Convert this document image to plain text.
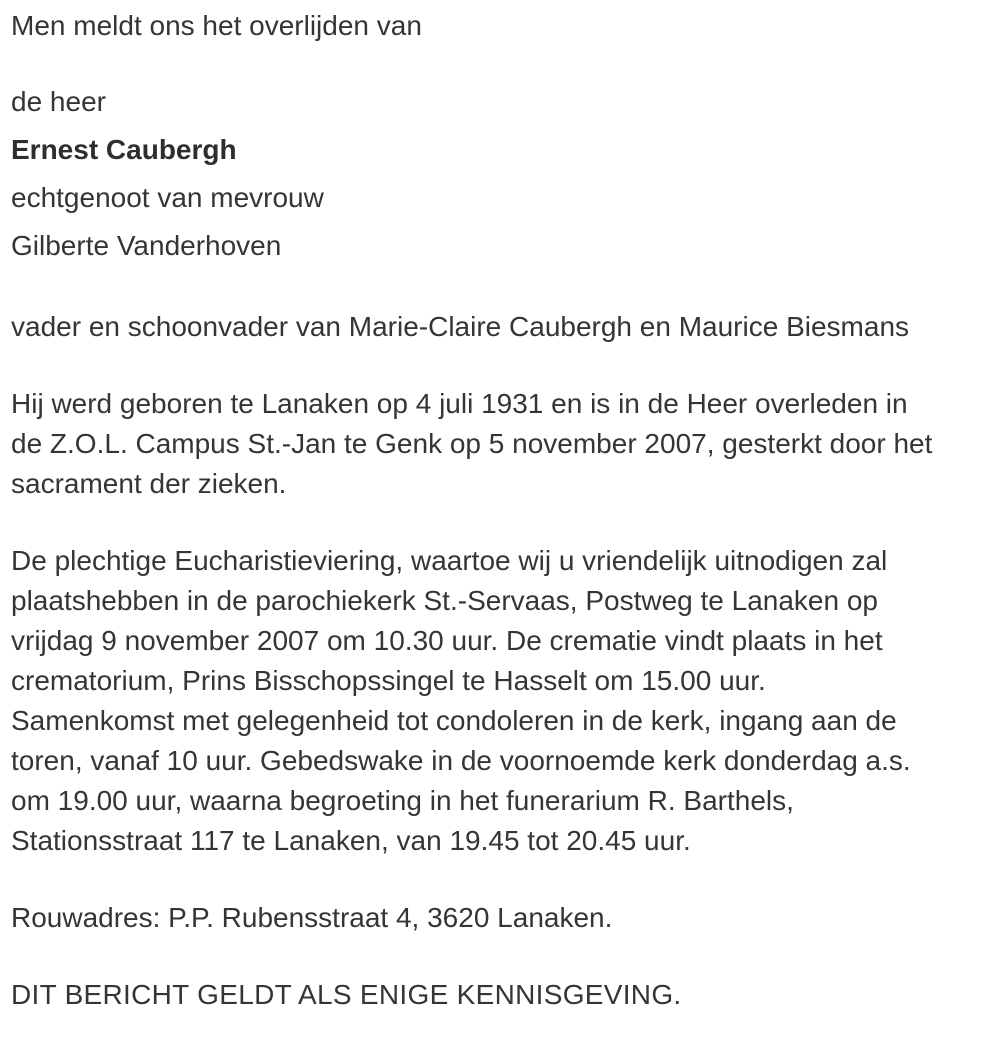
Men meldt ons het overlijden van
de heer
Ernest Caubergh
echtgenoot van mevrouw
Gilberte Vanderhoven
vader en schoonvader van Marie-Claire Caubergh en Maurice Biesmans
Hij werd geboren te Lanaken op 4 juli 1931 en is in de Heer overleden in
de Z.O.L. Campus St.-Jan te Genk op 5 november 2007, gesterkt door het
sacrament der zieken.
De plechtige Eucharistieviering, waartoe wij u vriendelijk uitnodigen zal
plaatshebben in de parochiekerk St.-Servaas, Postweg te Lanaken op
vrijdag 9 november 2007 om 10.30 uur. De crematie vindt plaats in het
crematorium, Prins Bisschopssingel te Hasselt om 15.00 uur.
Samenkomst met gelegenheid tot condoleren in de kerk, ingang aan de
toren, vanaf 10 uur. Gebedswake in de voornoemde kerk donderdag a.s.
om 19.00 uur, waarna begroeting in het funerarium R. Barthels,
Stationsstraat 117 te Lanaken, van 19.45 tot 20.45 uur.
Rouwadres: P.P. Rubensstraat 4, 3620 Lanaken.
DIT BERICHT GELDT ALS ENIGE KENNISGEVING.
